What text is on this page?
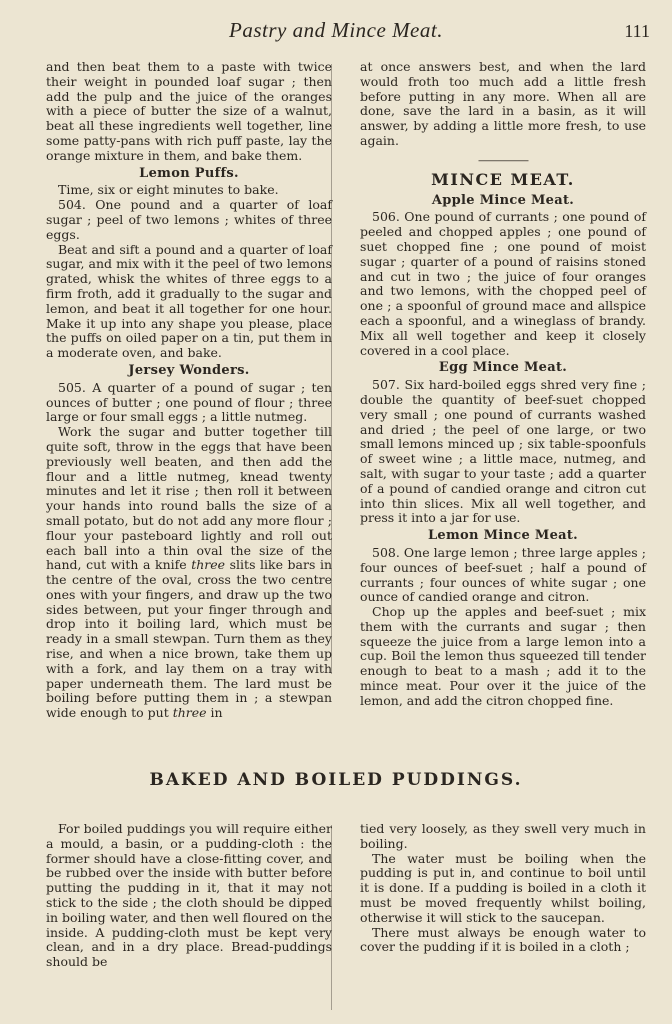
Pastry and Mince Meat.	111

and then beat them to a paste with twice their weight in pounded loaf sugar ; then add the pulp and the juice of the oranges with a piece of butter the size of a walnut, beat all these ingredients well together, line some patty-pans with rich puff paste, lay the orange mixture in them, and bake them.

Lemon Puffs.

Time, six or eight minutes to bake.

504. One pound and a quarter of loaf sugar ; peel of two lemons ; whites of three eggs.

Beat and sift a pound and a quarter of loaf sugar, and mix with it the peel of two lemons grated, whisk the whites of three eggs to a firm froth, add it gradually to the sugar and lemon, and beat it all together for one hour. Make it up into any shape you please, place the puffs on oiled paper on a tin, put them in a moderate oven, and bake.

Jersey Wonders.

505. A quarter of a pound of sugar ; ten ounces of butter ; one pound of flour ; three large or four small eggs ; a little nutmeg.

Work the sugar and butter together till quite soft, throw in the eggs that have been previously well beaten, and then add the flour and a little nutmeg, knead twenty minutes and let it rise ; then roll it between your hands into round balls the size of a small potato, but do not add any more flour ; flour your pasteboard lightly and roll out each ball into a thin oval the size of the hand, cut with a knife three slits like bars in the centre of the oval, cross the two centre ones with your fingers, and draw up the two sides between, put your finger through and drop into it boiling lard, which must be ready in a small stewpan. Turn them as they rise, and when a nice brown, take them up with a fork, and lay them on a tray with paper underneath them. The lard must be boiling before putting them in ; a stewpan wide enough to put three in

at once answers best, and when the lard would froth too much add a little fresh before putting in any more. When all are done, save the lard in a basin, as it will answer, by adding a little more fresh, to use again.

—————
MINCE MEAT.
Apple Mince Meat.

506. One pound of currants ; one pound of peeled and chopped apples ; one pound of suet chopped fine ; one pound of moist sugar ; quarter of a pound of raisins stoned and cut in two ; the juice of four oranges and two lemons, with the chopped peel of one ; a spoonful of ground mace and allspice each a spoonful, and a wineglass of brandy. Mix all well together and keep it closely covered in a cool place.

Egg Mince Meat.

507. Six hard-boiled eggs shred very fine ; double the quantity of beef-suet chopped very small ; one pound of currants washed and dried ; the peel of one large, or two small lemons minced up ; six table-spoonfuls of sweet wine ; a little mace, nutmeg, and salt, with sugar to your taste ; add a quarter of a pound of candied orange and citron cut into thin slices. Mix all well together, and press it into a jar for use.

Lemon Mince Meat.

508. One large lemon ; three large apples ; four ounces of beef-suet ; half a pound of currants ; four ounces of white sugar ; one ounce of candied orange and citron.

Chop up the apples and beef-suet ; mix them with the currants and sugar ; then squeeze the juice from a large lemon into a cup. Boil the lemon thus squeezed till tender enough to beat to a mash ; add it to the mince meat. Pour over it the juice of the lemon, and add the citron chopped fine.

BAKED AND BOILED PUDDINGS.

For boiled puddings you will require either a mould, a basin, or a pudding-cloth : the former should have a close-fitting cover, and be rubbed over the inside with butter before putting the pudding in it, that it may not stick to the side ; the cloth should be dipped in boiling water, and then well floured on the inside. A pudding-cloth must be kept very clean, and in a dry place. Bread-puddings should be

tied very loosely, as they swell very much in boiling.

The water must be boiling when the pudding is put in, and continue to boil until it is done. If a pudding is boiled in a cloth it must be moved frequently whilst boiling, otherwise it will stick to the saucepan.

There must always be enough water to cover the pudding if it is boiled in a cloth ;
